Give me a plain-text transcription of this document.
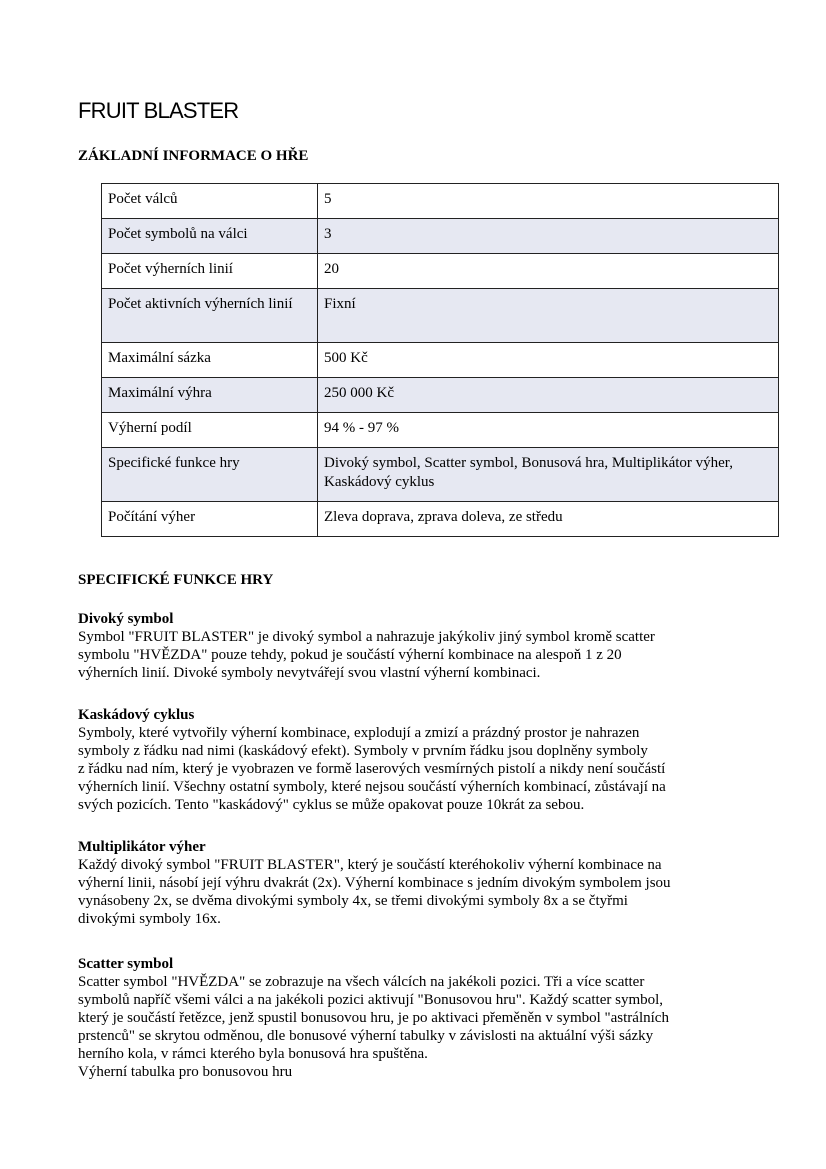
FRUIT BLASTER
ZÁKLADNÍ INFORMACE O HŘE
Počet válců	5
Počet symbolů na válci	3
Počet výherních linií	20
Počet aktivních výherních linií	Fixní
Maximální sázka	500 Kč
Maximální výhra	250 000 Kč
Výherní podíl	94 % - 97 %
Specifické funkce hry	Divoký symbol, Scatter symbol, Bonusová hra, Multiplikátor výher, Kaskádový cyklus
Počítání výher	Zleva doprava, zprava doleva, ze středu
SPECIFICKÉ FUNKCE HRY
Divoký symbol

Symbol "FRUIT BLASTER" je divoký symbol a nahrazuje jakýkoliv jiný symbol kromě scatter

symbolu "HVĚZDA" pouze tehdy, pokud je součástí výherní kombinace na alespoň 1 z 20

výherních linií. Divoké symboly nevytvářejí svou vlastní výherní kombinaci.

Kaskádový cyklus

Symboly, které vytvořily výherní kombinace, explodují a zmizí a prázdný prostor je nahrazen

symboly z řádku nad nimi (kaskádový efekt). Symboly v prvním řádku jsou doplněny symboly

z řádku nad ním, který je vyobrazen ve formě laserových vesmírných pistolí a nikdy není součástí

výherních linií. Všechny ostatní symboly, které nejsou součástí výherních kombinací, zůstávají na

svých pozicích. Tento "kaskádový" cyklus se může opakovat pouze 10krát za sebou.

Multiplikátor výher

Každý divoký symbol "FRUIT BLASTER", který je součástí kteréhokoliv výherní kombinace na

výherní linii, násobí její výhru dvakrát (2x). Výherní kombinace s jedním divokým symbolem jsou

vynásobeny 2x, se dvěma divokými symboly 4x, se třemi divokými symboly 8x a se čtyřmi

divokými symboly 16x.

Scatter symbol

Scatter symbol "HVĚZDA" se zobrazuje na všech válcích na jakékoli pozici. Tři a více scatter

symbolů napříč všemi válci a na jakékoli pozici aktivují "Bonusovou hru". Každý scatter symbol,

který je součástí řetězce, jenž spustil bonusovou hru, je po aktivaci přeměněn v symbol "astrálních

prstenců" se skrytou odměnou, dle bonusové výherní tabulky v závislosti na aktuální výši sázky

herního kola, v rámci kterého byla bonusová hra spuštěna.

Výherní tabulka pro bonusovou hru
